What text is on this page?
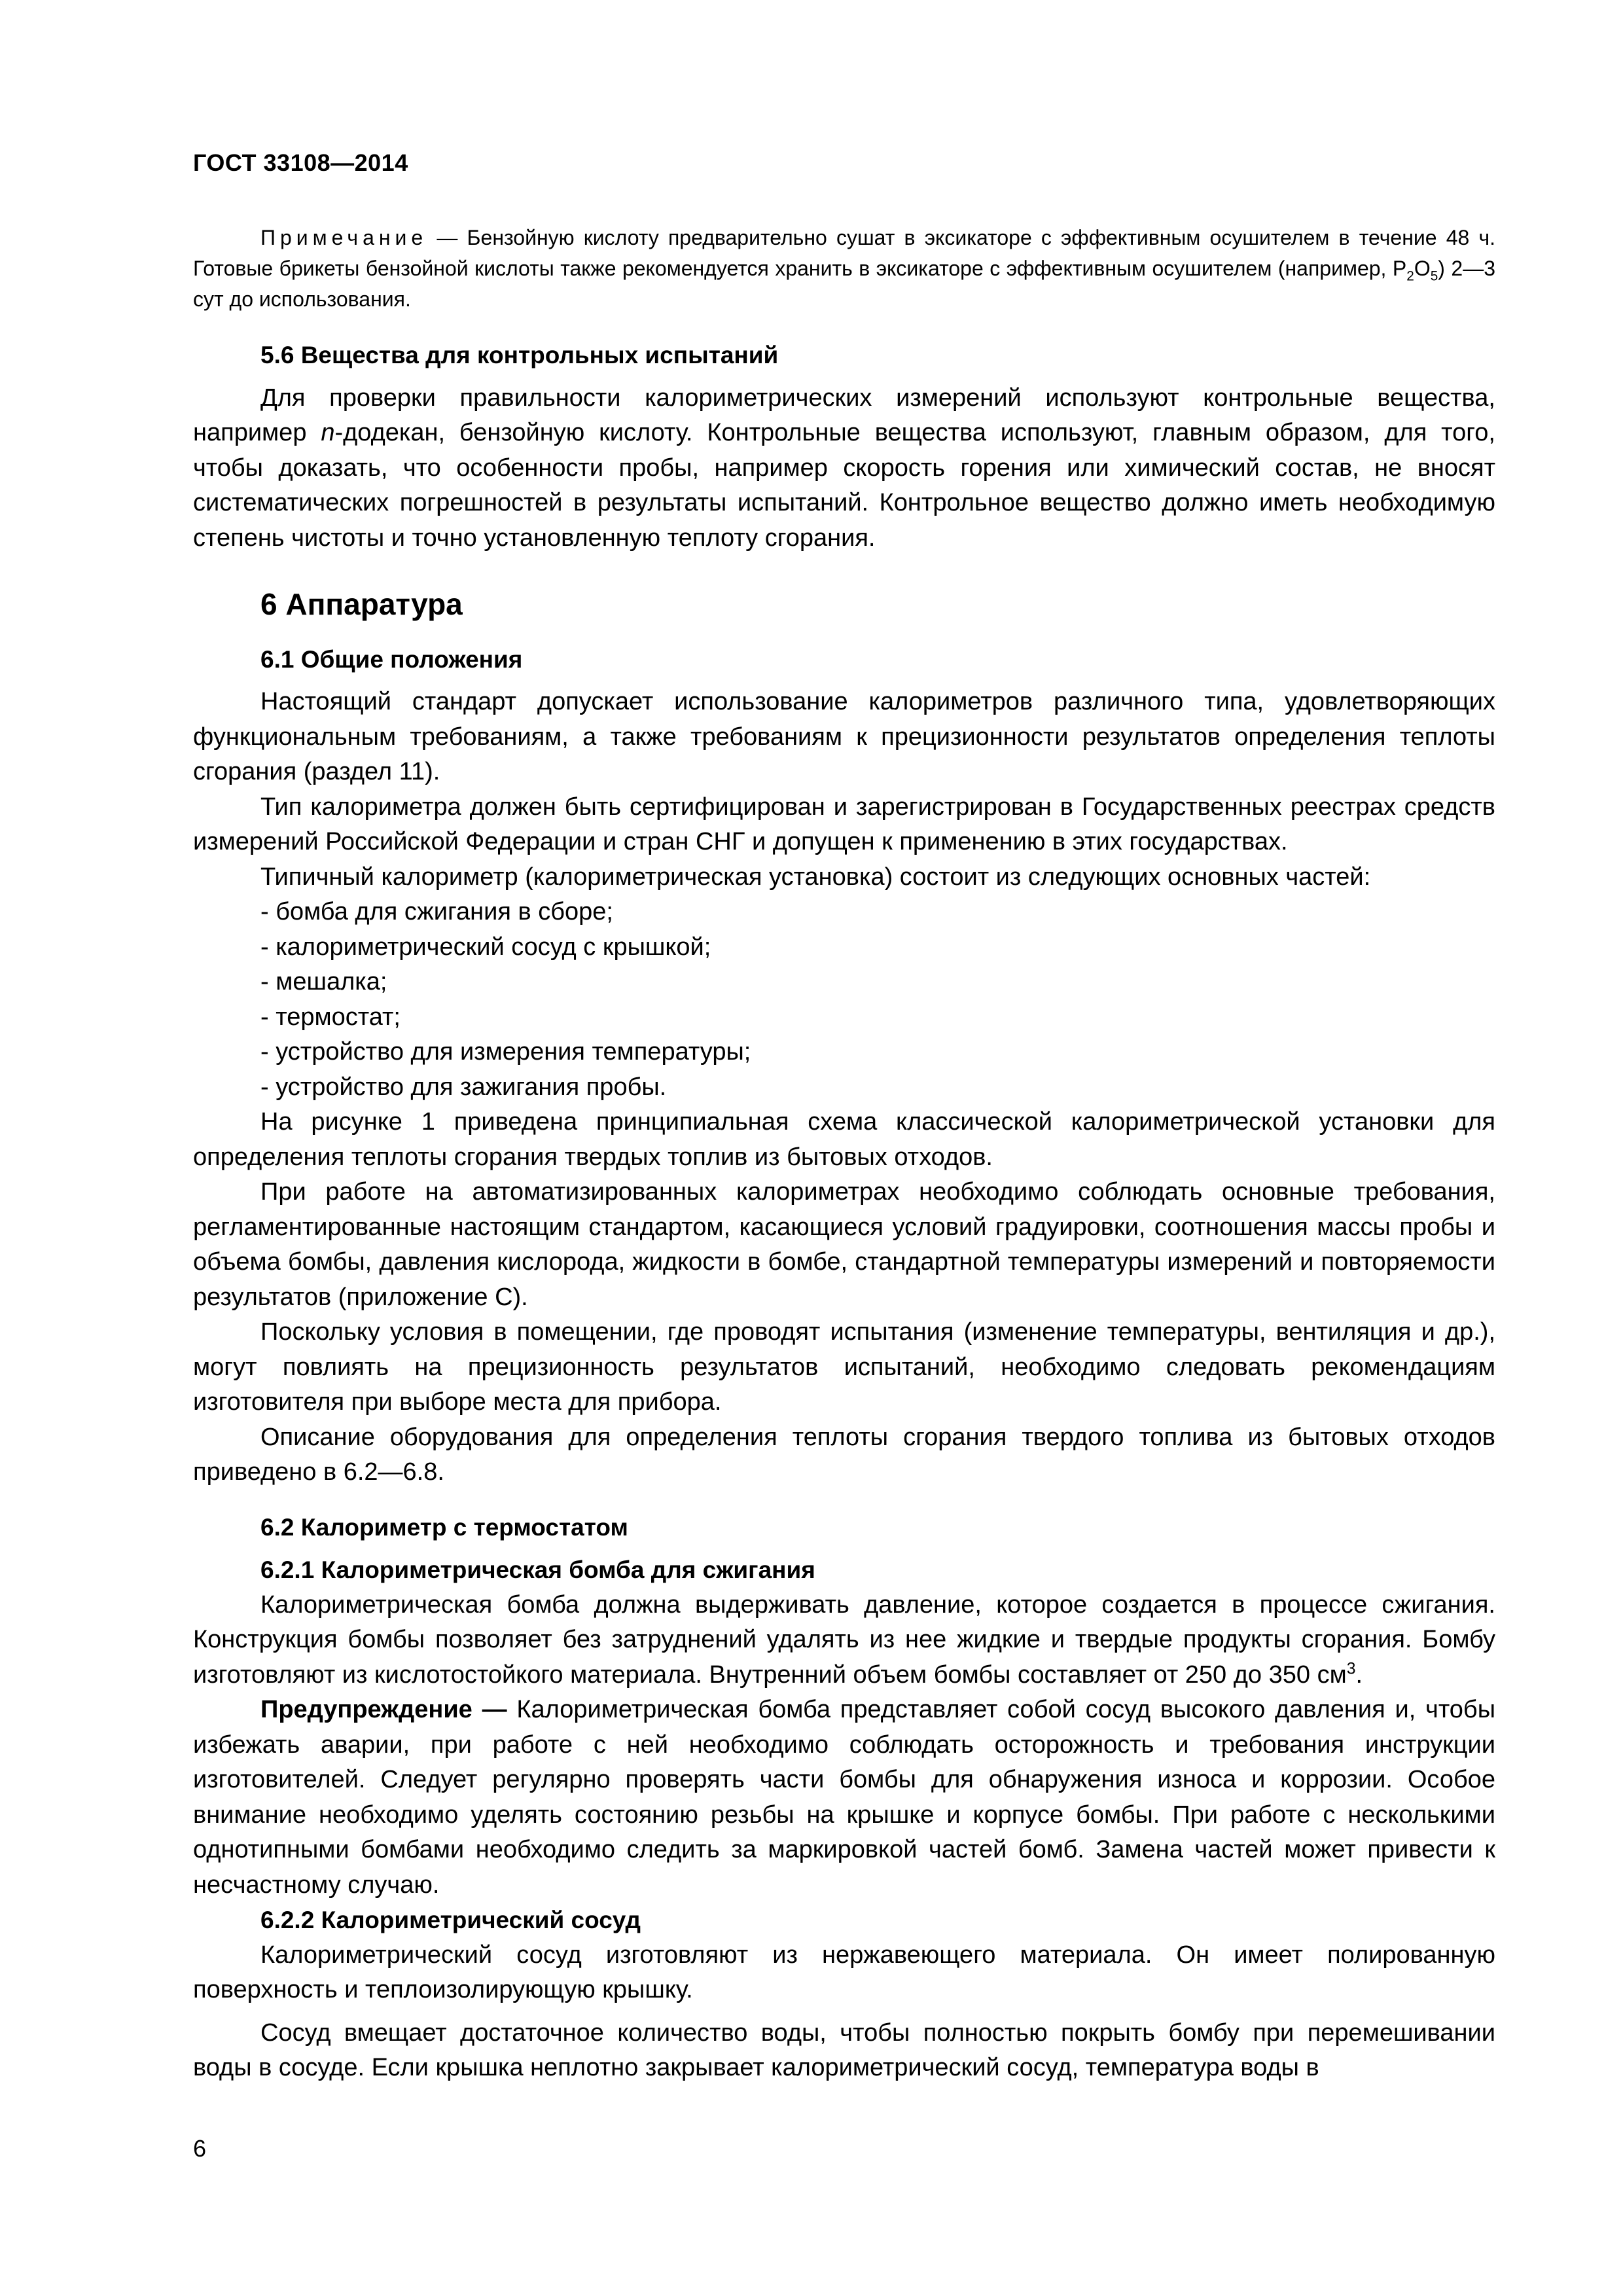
ГОСТ 33108—2014
Примечание — Бензойную кислоту предварительно сушат в эксикаторе с эффективным осушителем в течение 48 ч. Готовые брикеты бензойной кислоты также рекомендуется хранить в эксикаторе с эффективным осушителем (например, $P_2O_5$) 2—3 сут до использования.
5.6 Вещества для контрольных испытаний

Для проверки правильности калориметрических измерений используют контрольные вещества, например n-додекан, бензойную кислоту. Контрольные вещества используют, главным образом, для того, чтобы доказать, что особенности пробы, например скорость горения или химический состав, не вносят систематических погрешностей в результаты испытаний. Контрольное вещество должно иметь необходимую степень чистоты и точно установленную теплоту сгорания.

6 Аппаратура
6.1 Общие положения

Настоящий стандарт допускает использование калориметров различного типа, удовлетворяющих функциональным требованиям, а также требованиям к прецизионности результатов определения теплоты сгорания (раздел 11).

Тип калориметра должен быть сертифицирован и зарегистрирован в Государственных реестрах средств измерений Российской Федерации и стран СНГ и допущен к применению в этих государствах.

Типичный калориметр (калориметрическая установка) состоит из следующих основных частей:

- бомба для сжигания в сборе;

- калориметрический сосуд с крышкой;

- мешалка;

- термостат;

- устройство для измерения температуры;

- устройство для зажигания пробы.

На рисунке 1 приведена принципиальная схема классической калориметрической установки для определения теплоты сгорания твердых топлив из бытовых отходов.

При работе на автоматизированных калориметрах необходимо соблюдать основные требования, регламентированные настоящим стандартом, касающиеся условий градуировки, соотношения массы пробы и объема бомбы, давления кислорода, жидкости в бомбе, стандартной температуры измерений и повторяемости результатов (приложение С).

Поскольку условия в помещении, где проводят испытания (изменение температуры, вентиляция и др.), могут повлиять на прецизионность результатов испытаний, необходимо следовать рекомендациям изготовителя при выборе места для прибора.

Описание оборудования для определения теплоты сгорания твердого топлива из бытовых отходов приведено в 6.2—6.8.

6.2 Калориметр с термостатом
6.2.1 Калориметрическая бомба для сжигания

Калориметрическая бомба должна выдерживать давление, которое создается в процессе сжигания. Конструкция бомбы позволяет без затруднений удалять из нее жидкие и твердые продукты сгорания. Бомбу изготовляют из кислотостойкого материала. Внутренний объем бомбы составляет от 250 до 350 $см^3$.

Предупреждение — Калориметрическая бомба представляет собой сосуд высокого давления и, чтобы избежать аварии, при работе с ней необходимо соблюдать осторожность и требования инструкции изготовителей. Следует регулярно проверять части бомбы для обнаружения износа и коррозии. Особое внимание необходимо уделять состоянию резьбы на крышке и корпусе бомбы. При работе с несколькими однотипными бомбами необходимо следить за маркировкой частей бомб. Замена частей может привести к несчастному случаю.

6.2.2 Калориметрический сосуд

Калориметрический сосуд изготовляют из нержавеющего материала. Он имеет полированную поверхность и теплоизолирующую крышку.

Сосуд вмещает достаточное количество воды, чтобы полностью покрыть бомбу при перемешивании воды в сосуде. Если крышка неплотно закрывает калориметрический сосуд, температура воды в

6
